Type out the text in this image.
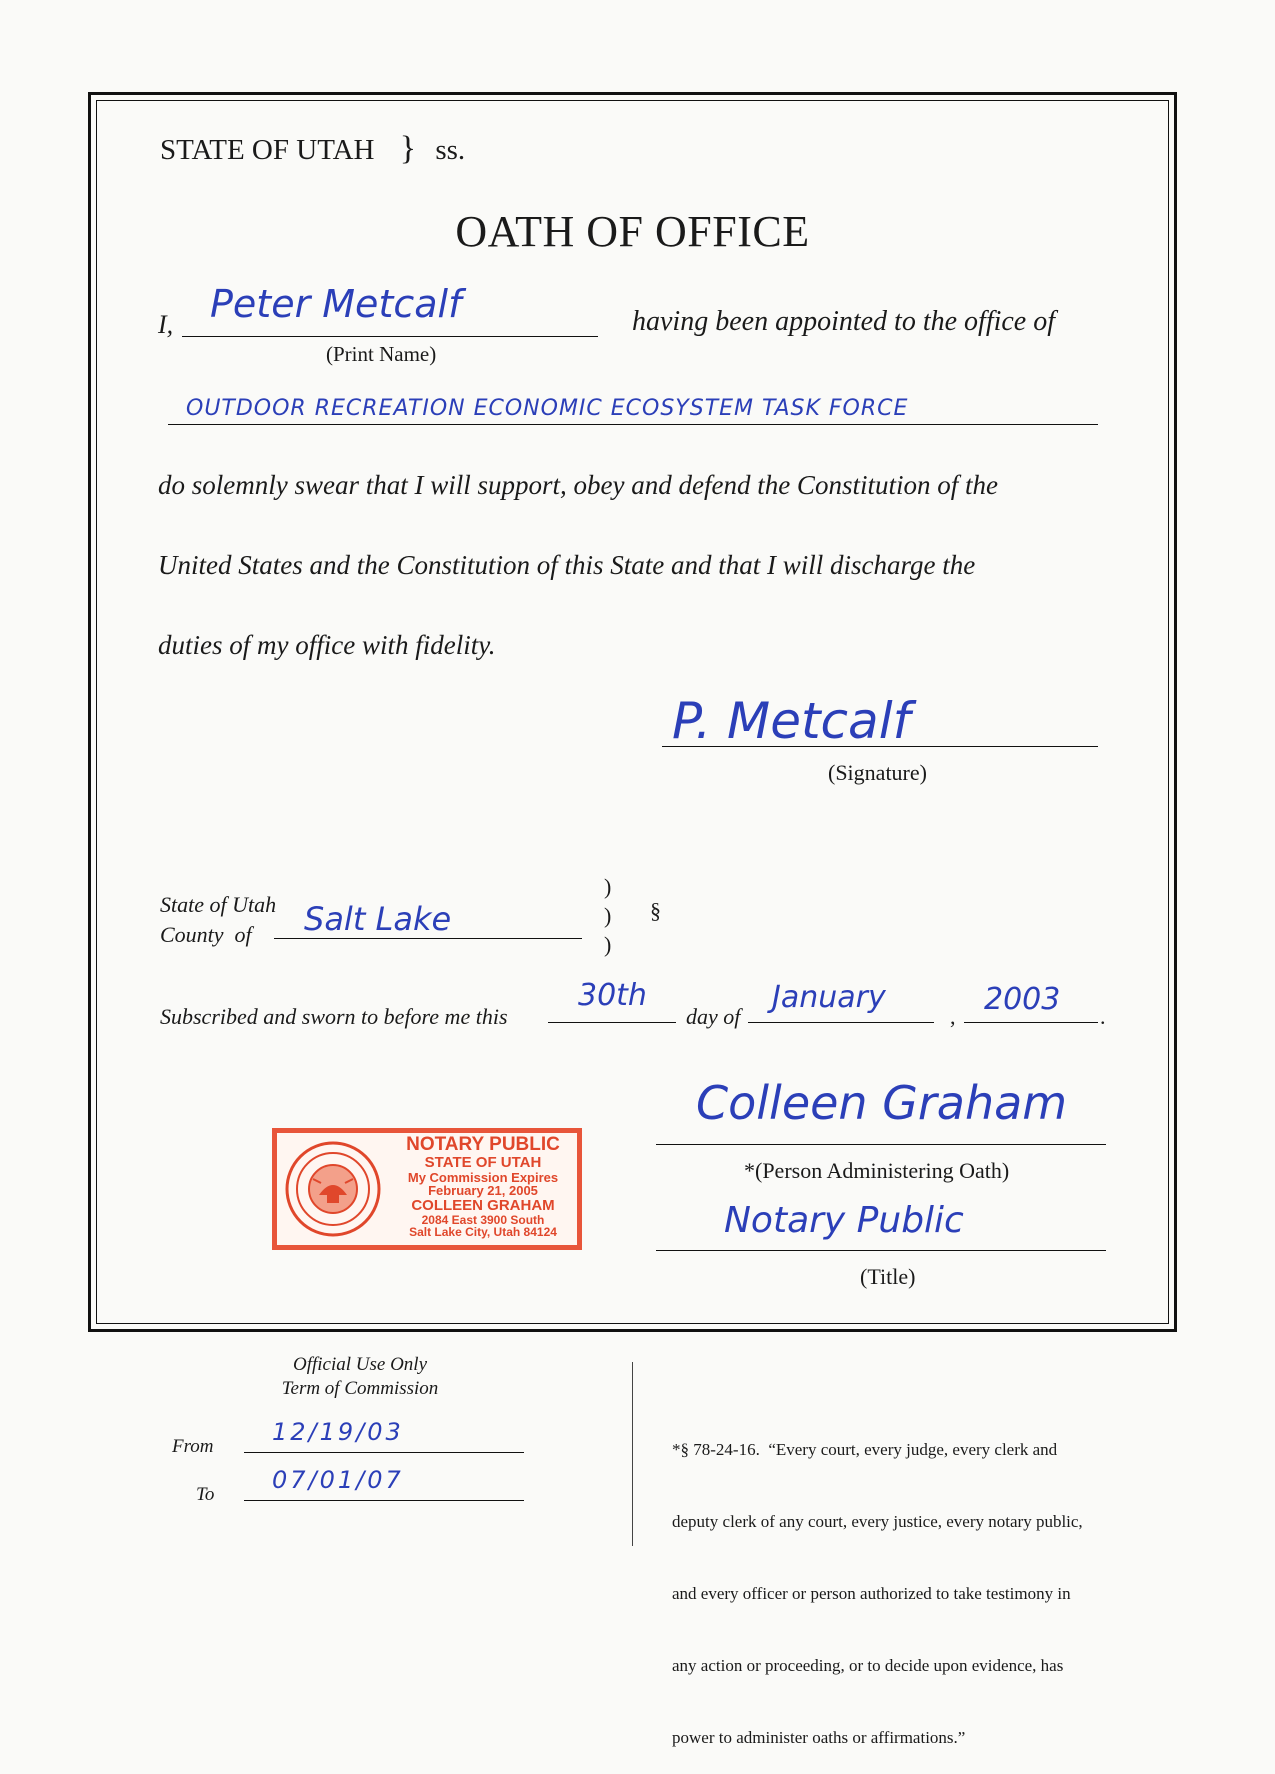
STATE OF UTAH } ss.
OATH OF OFFICE
I, Peter Metcalf
(Print Name)
having been appointed to the office of
OUTDOOR RECREATION ECONOMIC ECOSYSTEM TASK FORCE
do solemnly swear that I will support, obey and defend the Constitution of the
United States and the Constitution of this State and that I will discharge the
duties of my office with fidelity.
P. Metcalf
(Signature)
State of Utah
County  of Salt Lake
)
)
)
§
Subscribed and sworn to before me this
30th
day of
January
, 2003 .
Colleen Graham
*(Person Administering Oath)
Notary Public
(Title)
NOTARY PUBLIC
STATE OF UTAH
My Commission Expires
February 21, 2005
COLLEEN GRAHAM
2084 East 3900 South
Salt Lake City, Utah 84124
Official Use Only
Term of Commission
From
12/19/03
To
07/01/07

*§ 78-24-16.  “Every court, every judge, every clerk and

deputy clerk of any court, every justice, every notary public,

and every officer or person authorized to take testimony in

any action or proceeding, or to decide upon evidence, has

power to administer oaths or affirmations.”
